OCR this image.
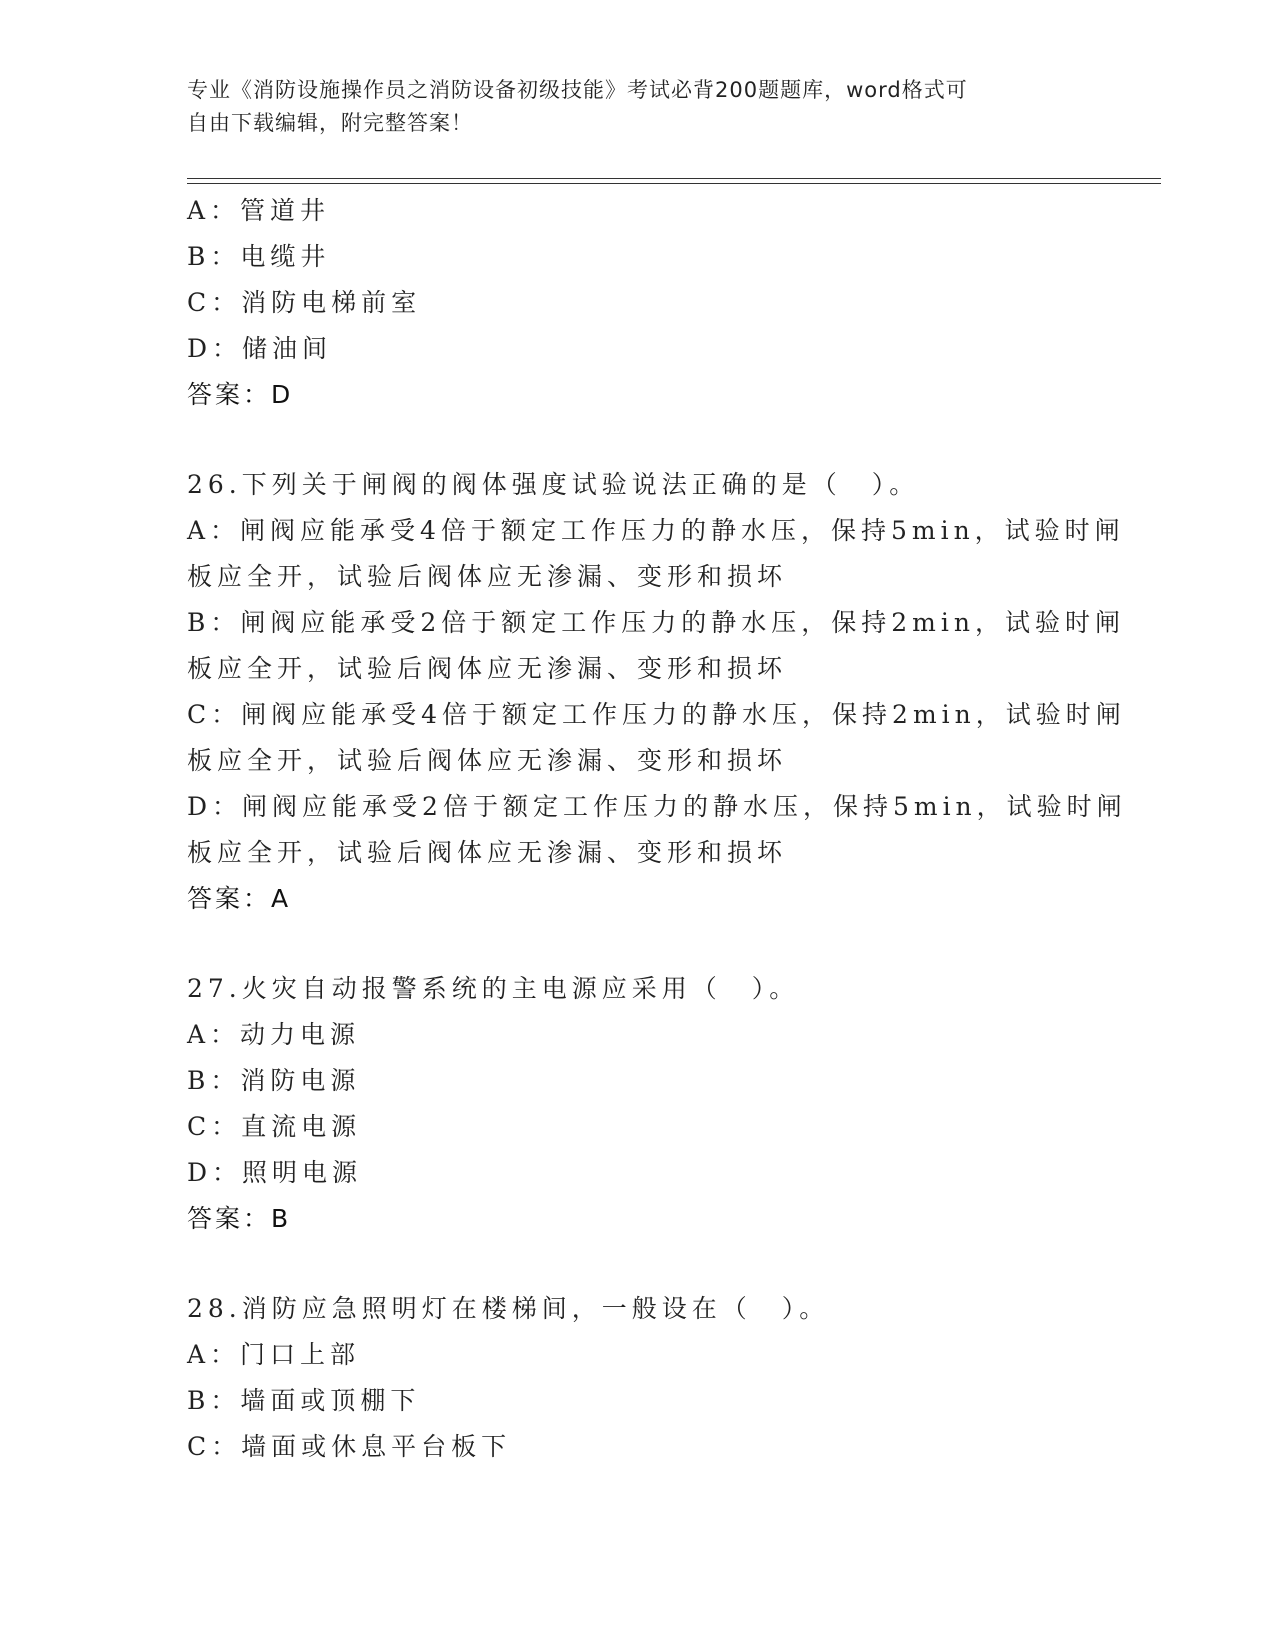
专业《消防设施操作员之消防设备初级技能》考试必背200题题库，word格式可
自由下载编辑，附完整答案！
A：管道井
B：电缆井
C：消防电梯前室
D：储油间
答案：D
26.下列关于闸阀的阀体强度试验说法正确的是（　）。
A：闸阀应能承受4倍于额定工作压力的静水压，保持5min，试验时闸
板应全开，试验后阀体应无渗漏、变形和损坏
B：闸阀应能承受2倍于额定工作压力的静水压，保持2min，试验时闸
板应全开，试验后阀体应无渗漏、变形和损坏
C：闸阀应能承受4倍于额定工作压力的静水压，保持2min，试验时闸
板应全开，试验后阀体应无渗漏、变形和损坏
D：闸阀应能承受2倍于额定工作压力的静水压，保持5min，试验时闸
板应全开，试验后阀体应无渗漏、变形和损坏
答案：A
27.火灾自动报警系统的主电源应采用（　）。
A：动力电源
B：消防电源
C：直流电源
D：照明电源
答案：B
28.消防应急照明灯在楼梯间，一般设在（　）。
A：门口上部
B：墙面或顶棚下
C：墙面或休息平台板下
